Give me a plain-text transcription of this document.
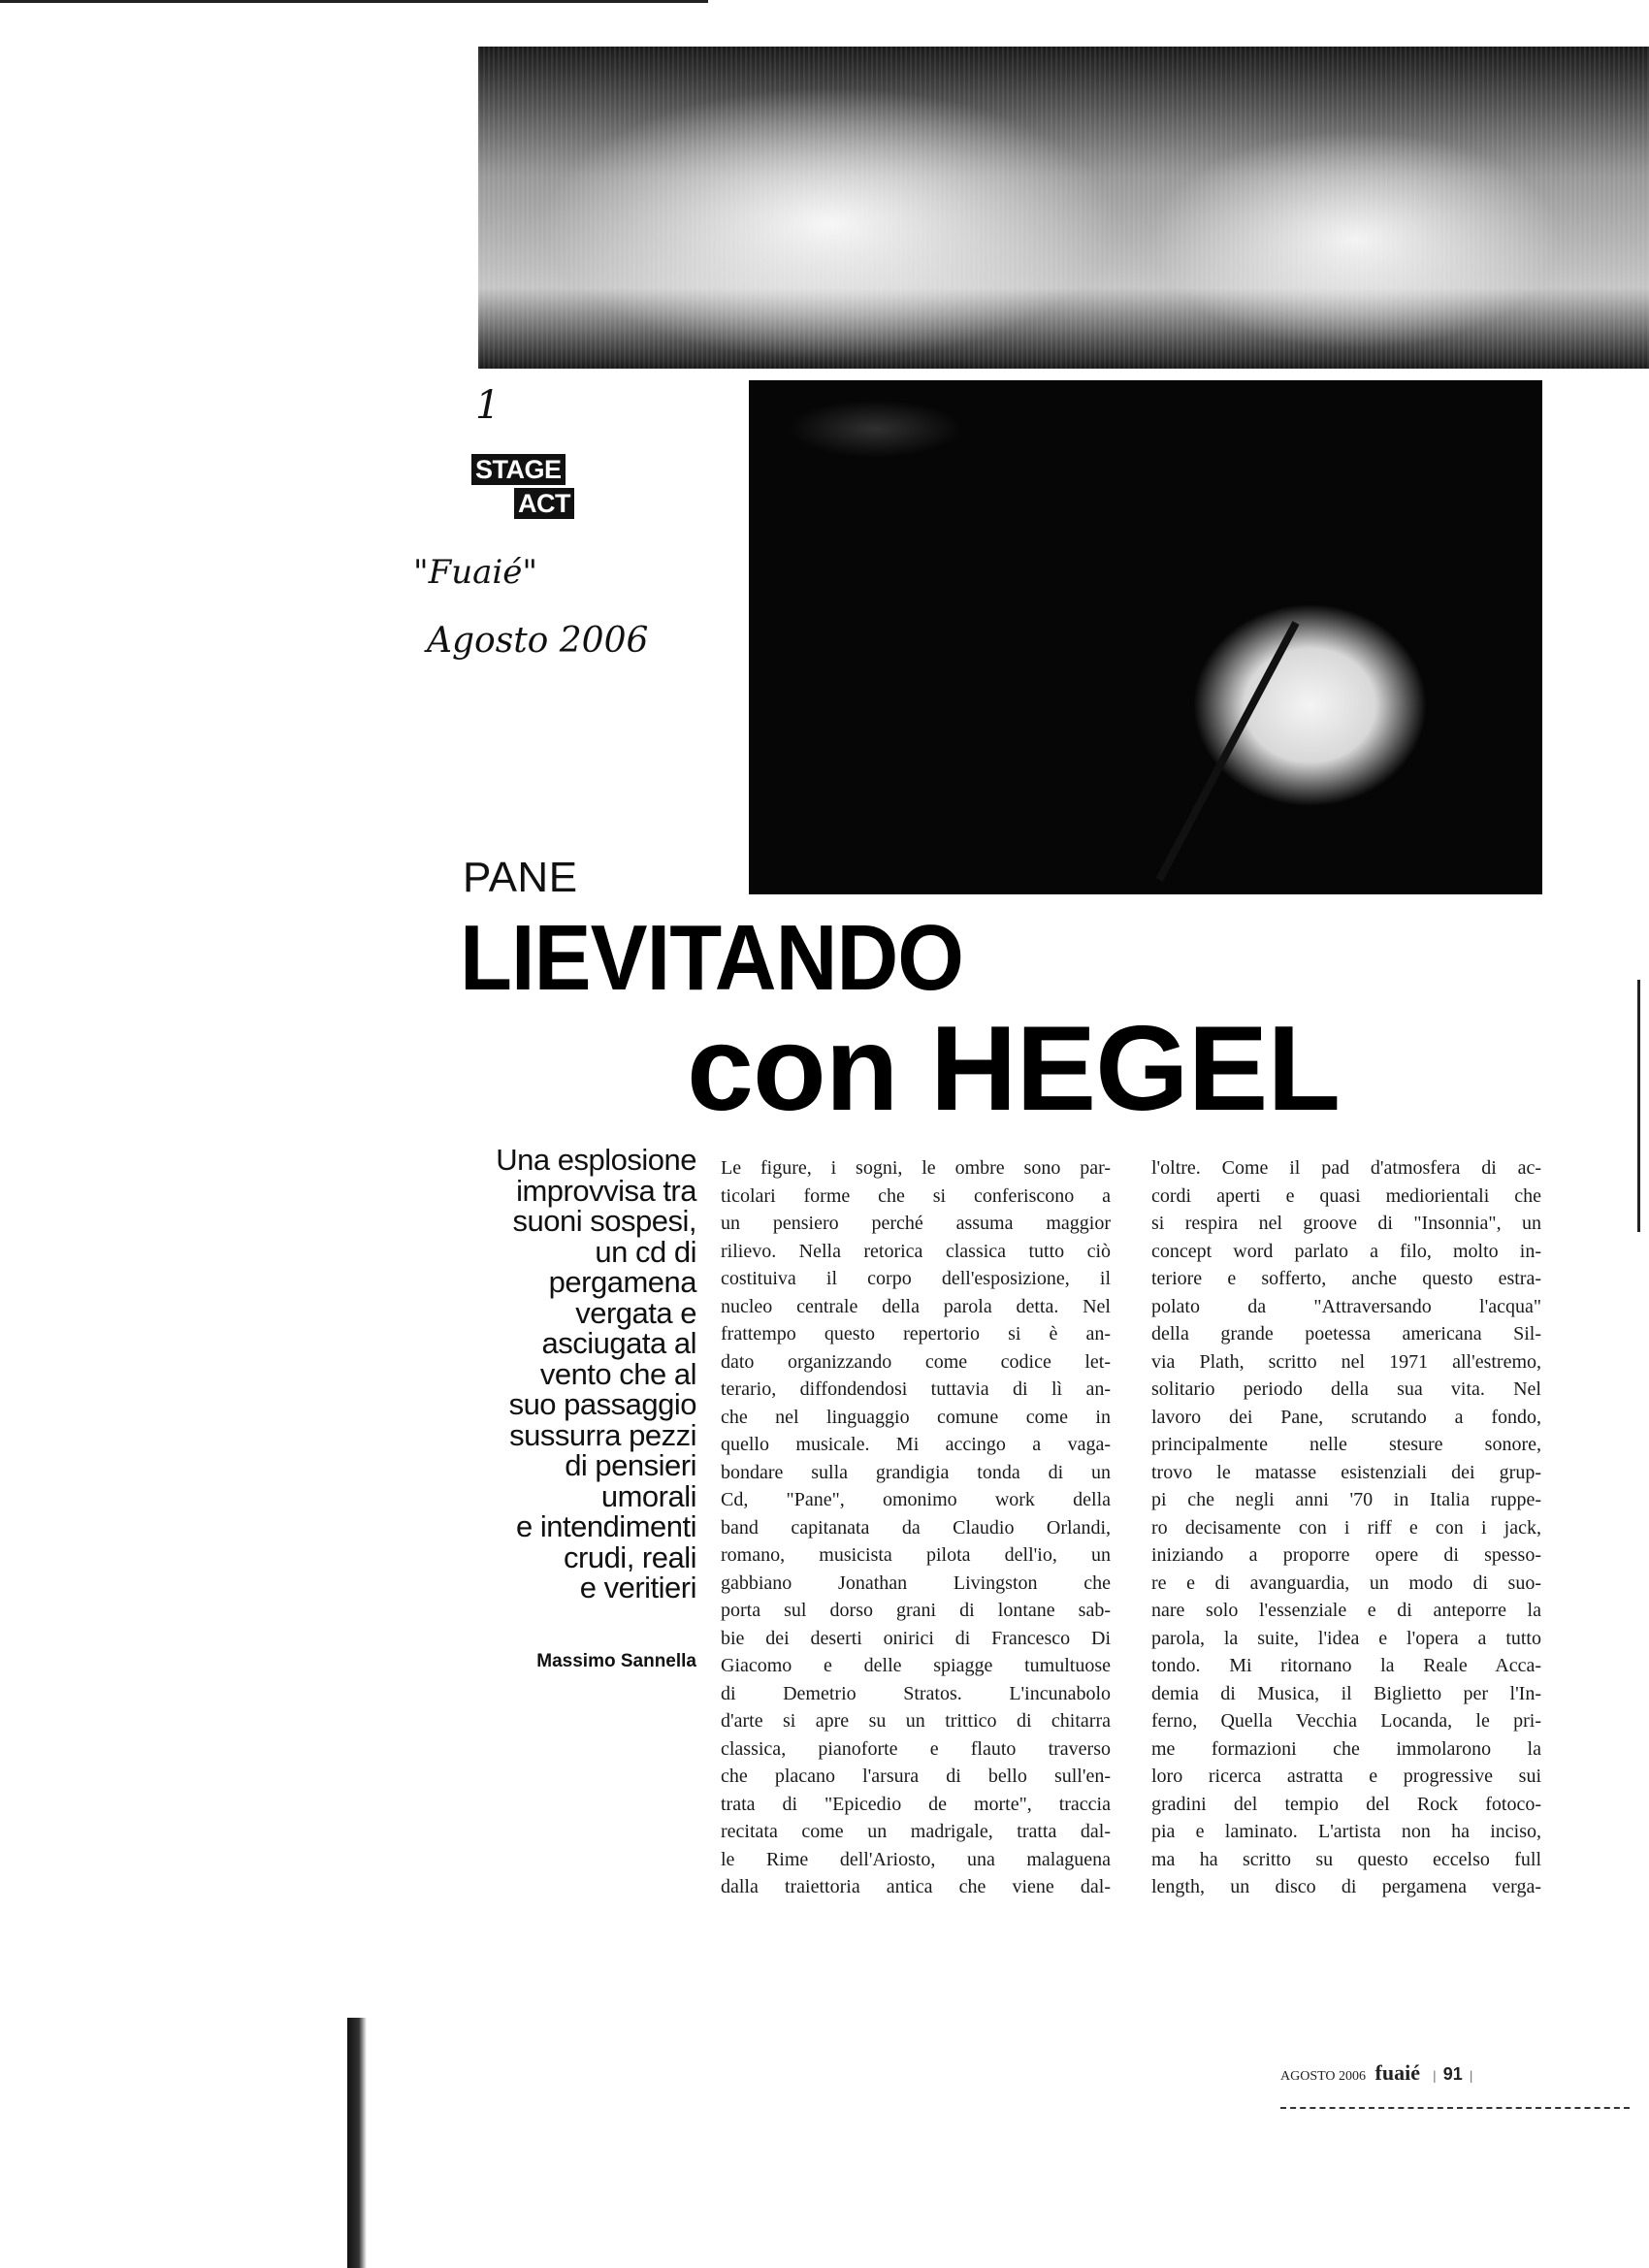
1
STAGE
ACT
"Fuaié"
Agosto 2006
PANE
LIEVITANDO
con HEGEL
Una esplosione
improvvisa tra
suoni sospesi,
un cd di
pergamena
vergata e
asciugata al
vento che al
suo passaggio
sussurra pezzi
di pensieri
umorali
e intendimenti
crudi, reali
e veritieri
Massimo Sannella

Le figure, i sogni, le ombre sono par-

ticolari forme che si conferiscono a

un pensiero perché assuma maggior

rilievo. Nella retorica classica tutto ciò

costituiva il corpo dell'esposizione, il

nucleo centrale della parola detta. Nel

frattempo questo repertorio si è an-

dato organizzando come codice let-

terario, diffondendosi tuttavia di lì an-

che nel linguaggio comune come in

quello musicale. Mi accingo a vaga-

bondare sulla grandigia tonda di un

Cd, "Pane", omonimo work della

band capitanata da Claudio Orlandi,

romano, musicista pilota dell'io, un

gabbiano Jonathan Livingston che

porta sul dorso grani di lontane sab-

bie dei deserti onirici di Francesco Di

Giacomo e delle spiagge tumultuose

di Demetrio Stratos. L'incunabolo

d'arte si apre su un trittico di chitarra

classica, pianoforte e flauto traverso

che placano l'arsura di bello sull'en-

trata di "Epicedio de morte", traccia

recitata come un madrigale, tratta dal-

le Rime dell'Ariosto, una malaguena

dalla traiettoria antica che viene dal-

l'oltre. Come il pad d'atmosfera di ac-

cordi aperti e quasi mediorientali che

si respira nel groove di "Insonnia", un

concept word parlato a filo, molto in-

teriore e sofferto, anche questo estra-

polato da "Attraversando l'acqua"

della grande poetessa americana Sil-

via Plath, scritto nel 1971 all'estremo,

solitario periodo della sua vita. Nel

lavoro dei Pane, scrutando a fondo,

principalmente nelle stesure sonore,

trovo le matasse esistenziali dei grup-

pi che negli anni '70 in Italia ruppe-

ro decisamente con i riff e con i jack,

iniziando a proporre opere di spesso-

re e di avanguardia, un modo di suo-

nare solo l'essenziale e di anteporre la

parola, la suite, l'idea e l'opera a tutto

tondo. Mi ritornano la Reale Acca-

demia di Musica, il Biglietto per l'In-

ferno, Quella Vecchia Locanda, le pri-

me formazioni che immolarono la

loro ricerca astratta e progressive sui

gradini del tempio del Rock fotoco-

pia e laminato. L'artista non ha inciso,

ma ha scritto su questo eccelso full

length, un disco di pergamena verga-

AGOSTO 2006 fuaié | 91 |
